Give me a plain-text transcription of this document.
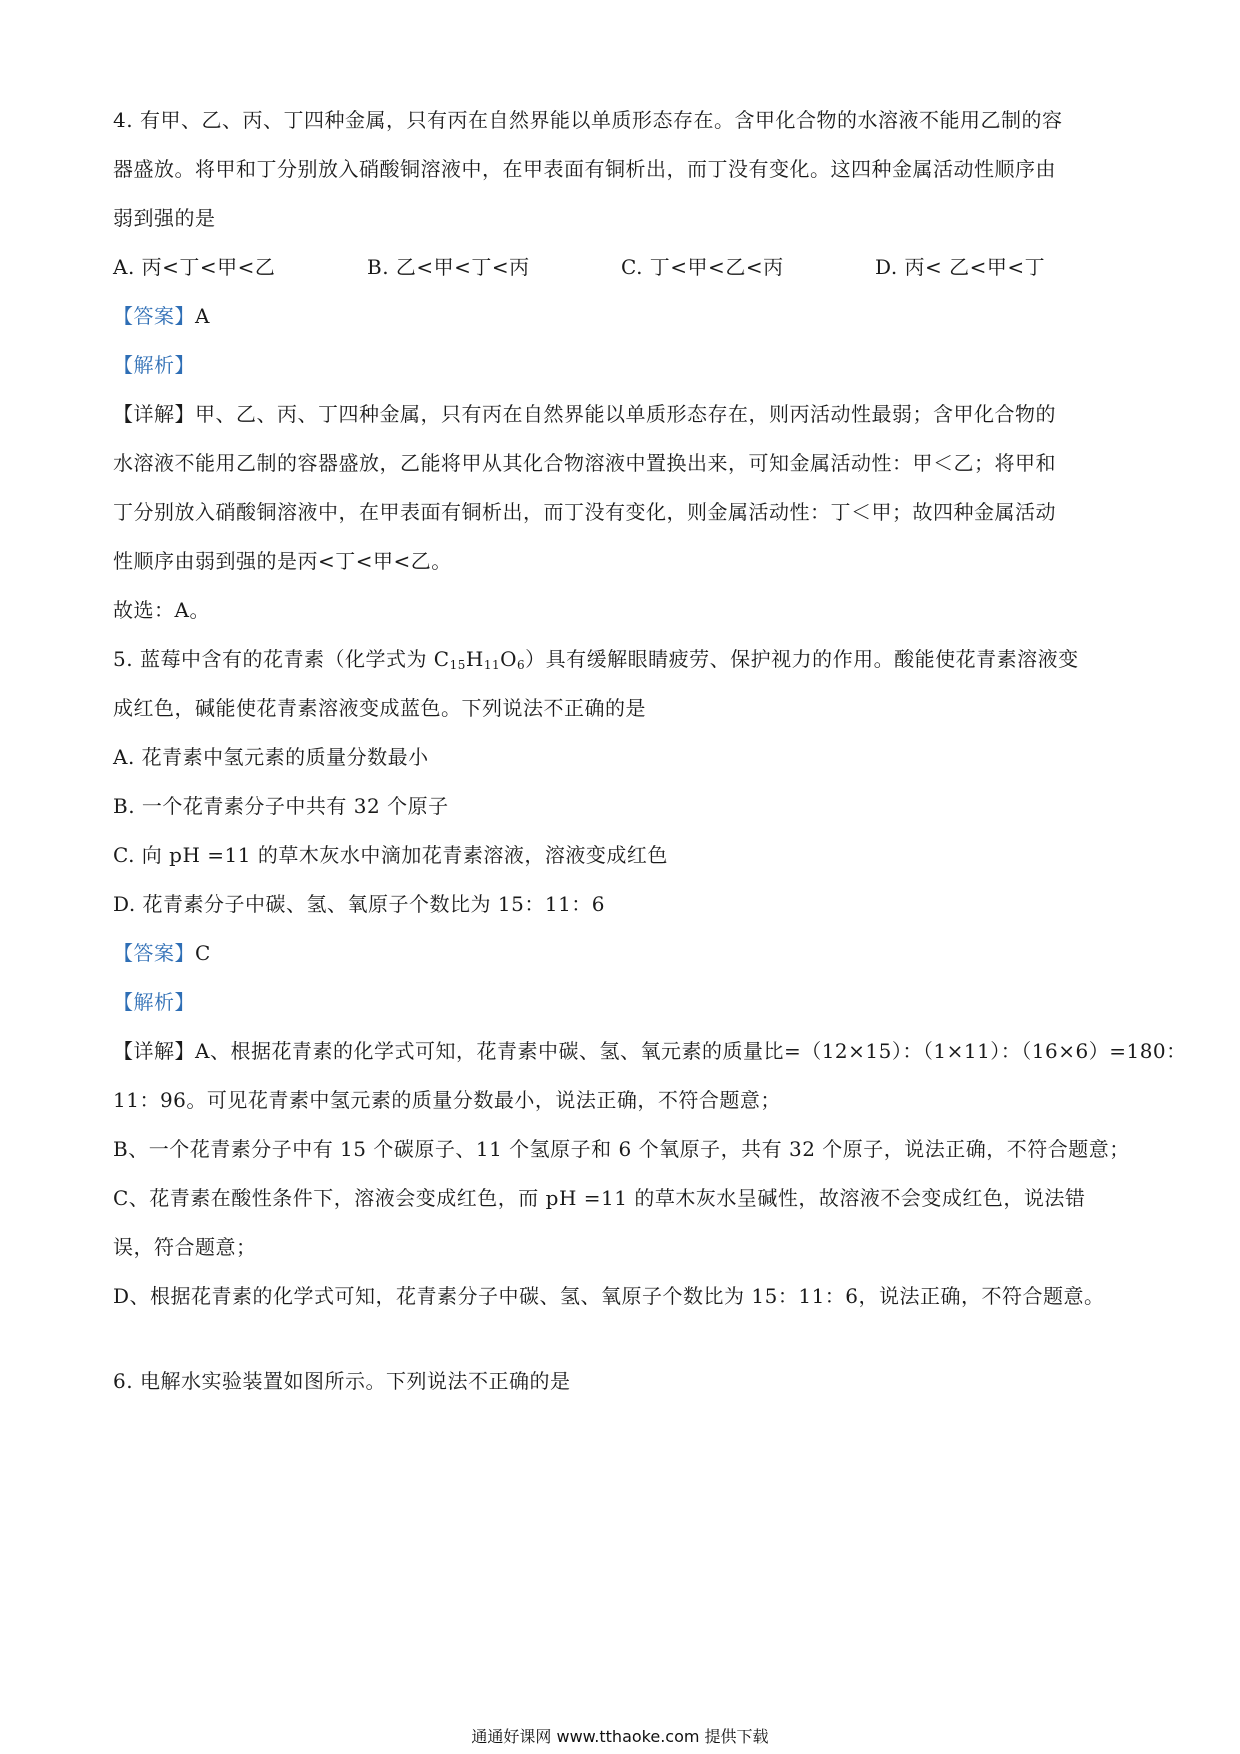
4. 有甲、乙、丙、丁四种金属，只有丙在自然界能以单质形态存在。含甲化合物的水溶液不能用乙制的容
器盛放。将甲和丁分别放入硝酸铜溶液中，在甲表面有铜析出，而丁没有变化。这四种金属活动性顺序由
弱到强的是
A. 丙<丁<甲<乙	B. 乙<甲<丁<丙	C. 丁<甲<乙<丙	D. 丙< 乙<甲<丁
【答案】A
【解析】
【详解】甲、乙、丙、丁四种金属，只有丙在自然界能以单质形态存在，则丙活动性最弱；含甲化合物的
水溶液不能用乙制的容器盛放，乙能将甲从其化合物溶液中置换出来，可知金属活动性：甲＜乙；将甲和
丁分别放入硝酸铜溶液中，在甲表面有铜析出，而丁没有变化，则金属活动性：丁＜甲；故四种金属活动
性顺序由弱到强的是丙<丁<甲<乙。
故选：A。
5. 蓝莓中含有的花青素（化学式为 $C_{15}H_{11}O_6$）具有缓解眼睛疲劳、保护视力的作用。酸能使花青素溶液变
成红色，碱能使花青素溶液变成蓝色。下列说法不正确的是
A. 花青素中氢元素的质量分数最小
B. 一个花青素分子中共有 32 个原子
C. 向 pH =11 的草木灰水中滴加花青素溶液，溶液变成红色
D. 花青素分子中碳、氢、氧原子个数比为 15：11：6
【答案】C
【解析】
【详解】A、根据花青素的化学式可知，花青素中碳、氢、氧元素的质量比=（12×15）：（1×11）：（16×6）=180：
11：96。可见花青素中氢元素的质量分数最小，说法正确，不符合题意；
B、一个花青素分子中有 15 个碳原子、11 个氢原子和 6 个氧原子，共有 32 个原子，说法正确，不符合题意；
C、花青素在酸性条件下，溶液会变成红色，而 pH =11 的草木灰水呈碱性，故溶液不会变成红色，说法错
误，符合题意；
D、根据花青素的化学式可知，花青素分子中碳、氢、氧原子个数比为 15：11：6，说法正确，不符合题意。
6. 电解水实验装置如图所示。下列说法不正确的是
通通好课网 www.tthaoke.com 提供下载
